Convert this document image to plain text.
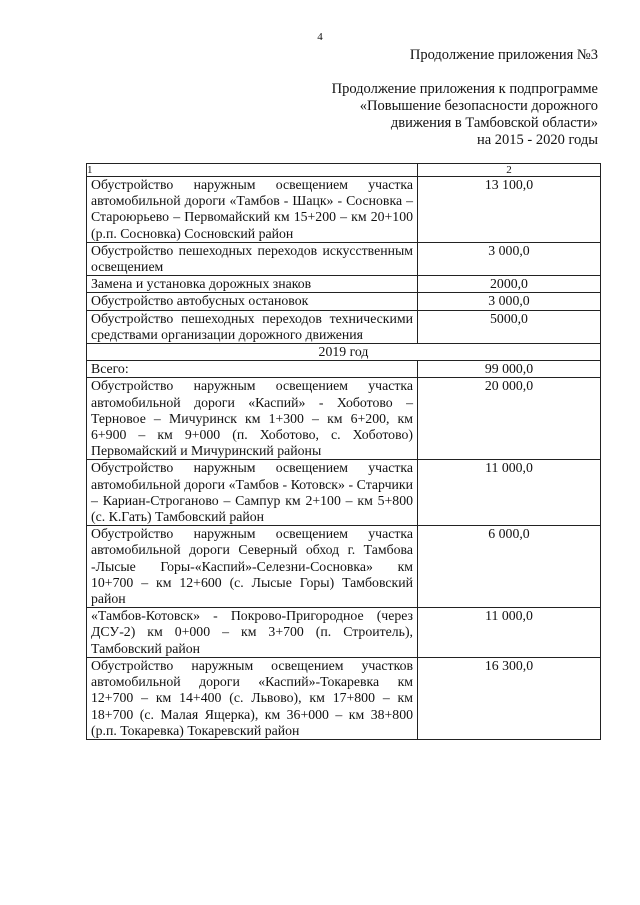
4
Продолжение приложения №3
Продолжение приложения к подпрограмме
«Повышение безопасности дорожного
движения в Тамбовской области»
на 2015 - 2020 годы
1	2
Обустройство наружным освещением участка автомобильной дороги «Тамбов - Шацк» - Сосновка – Староюрьево – Первомайский км 15+200 – км 20+100 (р.п. Сосновка) Сосновский район	13 100,0
Обустройство пешеходных переходов искусственным освещением	3 000,0
Замена и установка дорожных знаков	2000,0
Обустройство автобусных остановок	3 000,0
Обустройство пешеходных переходов техническими средствами организации дорожного движения	5000,0
2019 год	
Всего:	99 000,0
Обустройство наружным освещением участка автомобильной дороги «Каспий» - Хоботово – Терновое – Мичуринск км 1+300 – км 6+200, км 6+900 – км 9+000 (п. Хоботово, с. Хоботово) Первомайский и Мичуринский районы	20 000,0
Обустройство наружным освещением участка автомобильной дороги «Тамбов - Котовск» - Старчики – Кариан-Строганово – Сампур км 2+100 – км 5+800 (с. К.Гать) Тамбовский район	11 000,0
Обустройство наружным освещением участка автомобильной дороги Северный обход г. Тамбова -Лысые Горы-«Каспий»-Селезни-Сосновка» км 10+700 – км 12+600 (с. Лысые Горы) Тамбовский район	6 000,0
«Тамбов-Котовск» - Покрово-Пригородное (через ДСУ-2) км 0+000 – км 3+700 (п. Строитель), Тамбовский район	11 000,0
Обустройство наружным освещением участков автомобильной дороги «Каспий»-Токаревка км 12+700 – км 14+400 (с. Львово), км 17+800 – км 18+700 (с. Малая Ящерка), км 36+000 – км 38+800 (р.п. Токаревка) Токаревский район	16 300,0
